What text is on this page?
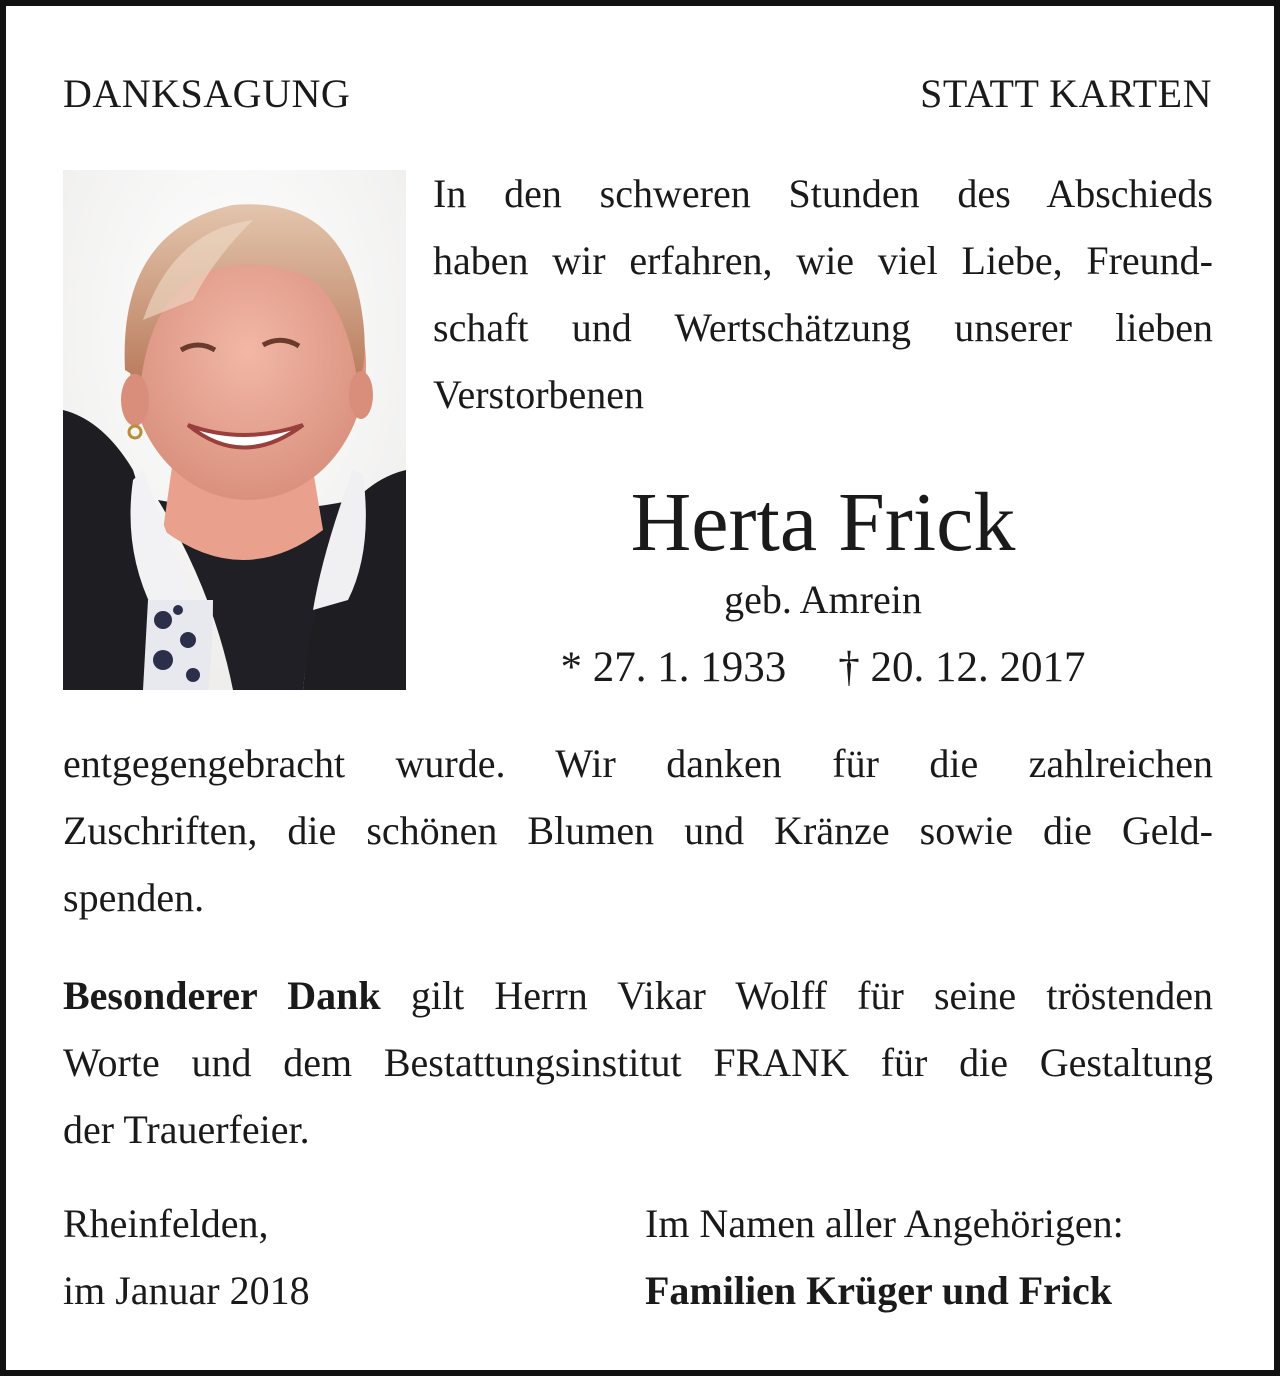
DANKSAGUNG	STATT KARTEN

In den schweren Stunden des Abschieds
haben wir erfahren, wie viel Liebe, Freund-
schaft und Wertschätzung unserer lieben
Verstorbenen
Herta Frick
geb. Amrein
* 27. 1. 1933 † 20. 12. 2017
entgegengebracht wurde. Wir danken für die zahlreichen
Zuschriften, die schönen Blumen und Kränze sowie die Geld-
spenden.
Besonderer Dank gilt Herrn Vikar Wolff für seine tröstenden
Worte und dem Bestattungsinstitut FRANK für die Gestaltung
der Trauerfeier.
Rheinfelden,
im Januar 2018
Im Namen aller Angehörigen:
Familien Krüger und Frick
